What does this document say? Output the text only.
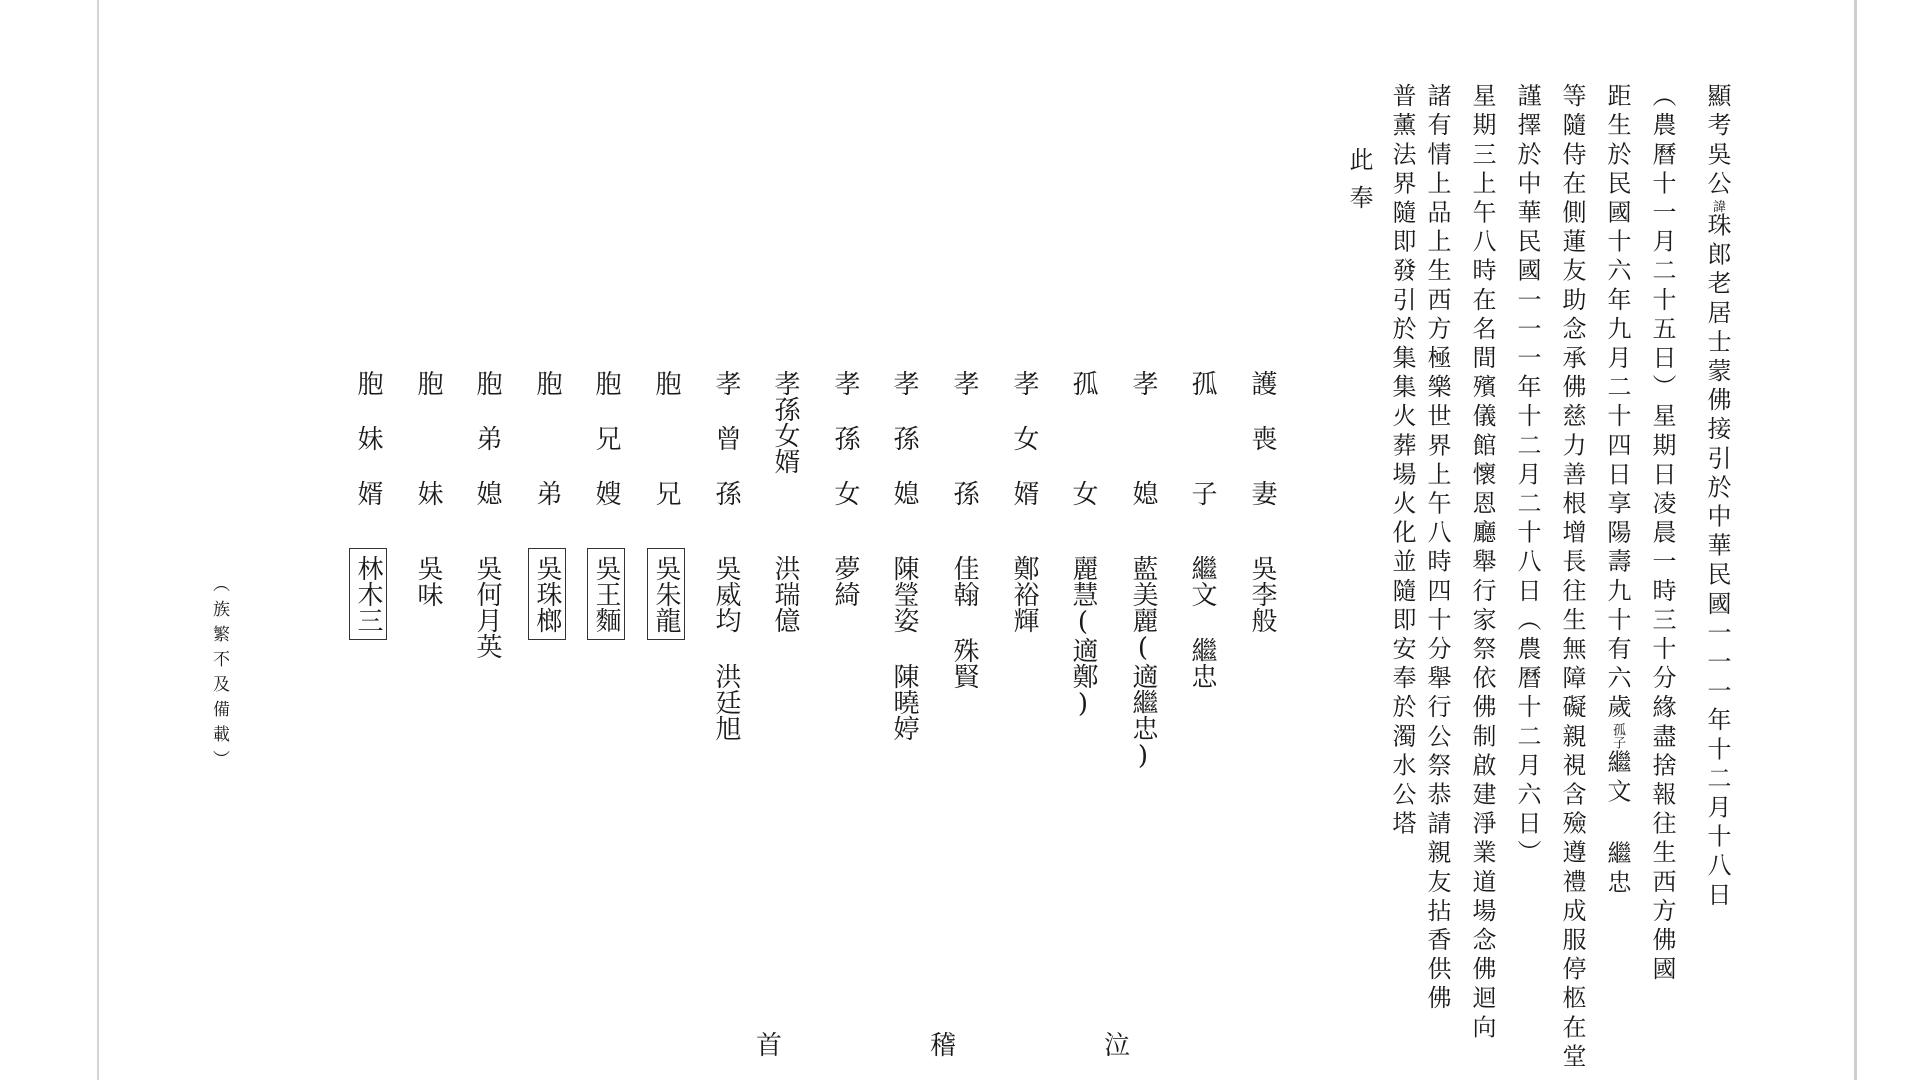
顯考吳公諱珠郎老居士蒙佛接引於中華民國一一一年十二月十八日
（農曆十一月二十五日）星期日凌晨一時三十分緣盡捨報往生西方佛國
距生於民國十六年九月二十四日享陽壽九十有六歲孤子繼文 繼忠
等隨侍在側蓮友助念承佛慈力善根增長往生無障礙親視含殮遵禮成服停柩在堂
謹擇於中華民國一一一年十二月二十八日（農曆十二月六日）
星期三上午八時在名間殯儀館懷恩廳舉行家祭依佛制啟建淨業道場念佛迴向
諸有情上品上生西方極樂世界上午八時四十分舉行公祭恭請親友拈香供佛
普薰法界隨即發引於集集火葬場火化並隨即安奉於濁水公塔
此奉
護喪妻
吳李般
孤　子
繼文 繼忠
孝　媳
藍美麗(適繼忠)
孤　女
麗慧(適鄭)
孝女婿
鄭裕輝
孝　孫
佳翰 殊賢
孝孫媳
陳瑩姿 陳曉婷
孝孫女
夢綺
孝孫女婿
洪瑞億
孝曾孫
吳威均 洪廷旭
胞　兄
吳朱龍
胞兄嫂
吳王麵
胞　弟
吳珠榔
胞弟媳
吳何月英
胞　妹
吳味
胞妹婿
林木三
（族繁不及備載）
泣
稽
首
